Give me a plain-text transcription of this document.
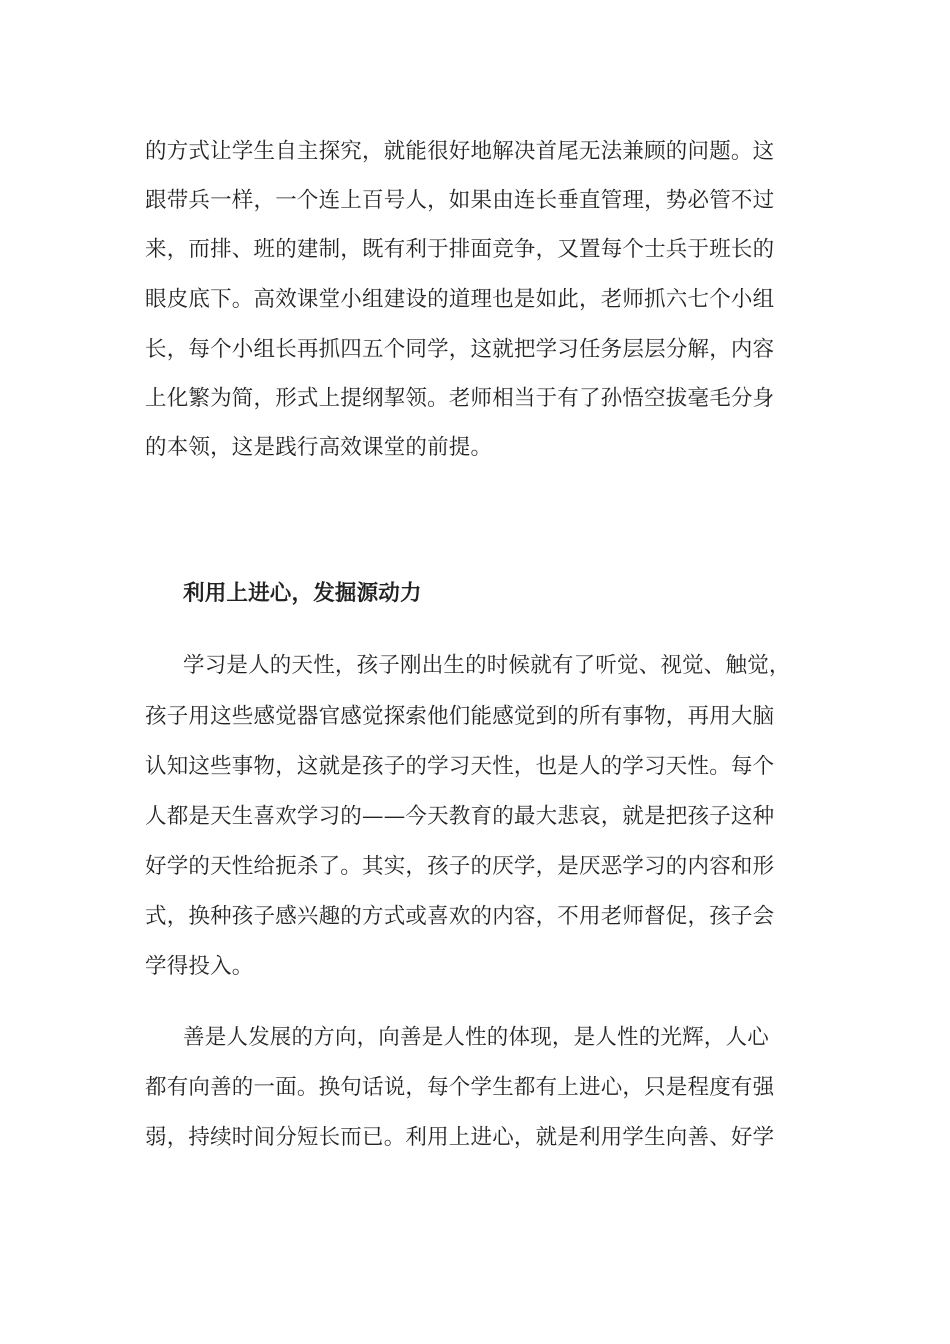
的方式让学生自主探究，就能很好地解决首尾无法兼顾的问题。这
跟带兵一样，一个连上百号人，如果由连长垂直管理，势必管不过
来，而排、班的建制，既有利于排面竞争，又置每个士兵于班长的
眼皮底下。高效课堂小组建设的道理也是如此，老师抓六七个小组
长，每个小组长再抓四五个同学，这就把学习任务层层分解，内容
上化繁为简，形式上提纲挈领。老师相当于有了孙悟空拔毫毛分身
的本领，这是践行高效课堂的前提。
利用上进心，发掘源动力
学习是人的天性，孩子刚出生的时候就有了听觉、视觉、触觉，
孩子用这些感觉器官感觉探索他们能感觉到的所有事物，再用大脑
认知这些事物，这就是孩子的学习天性，也是人的学习天性。每个
人都是天生喜欢学习的——今天教育的最大悲哀，就是把孩子这种
好学的天性给扼杀了。其实，孩子的厌学，是厌恶学习的内容和形
式，换种孩子感兴趣的方式或喜欢的内容，不用老师督促，孩子会
学得投入。
善是人发展的方向，向善是人性的体现，是人性的光辉，人心
都有向善的一面。换句话说，每个学生都有上进心，只是程度有强
弱，持续时间分短长而已。利用上进心，就是利用学生向善、好学
